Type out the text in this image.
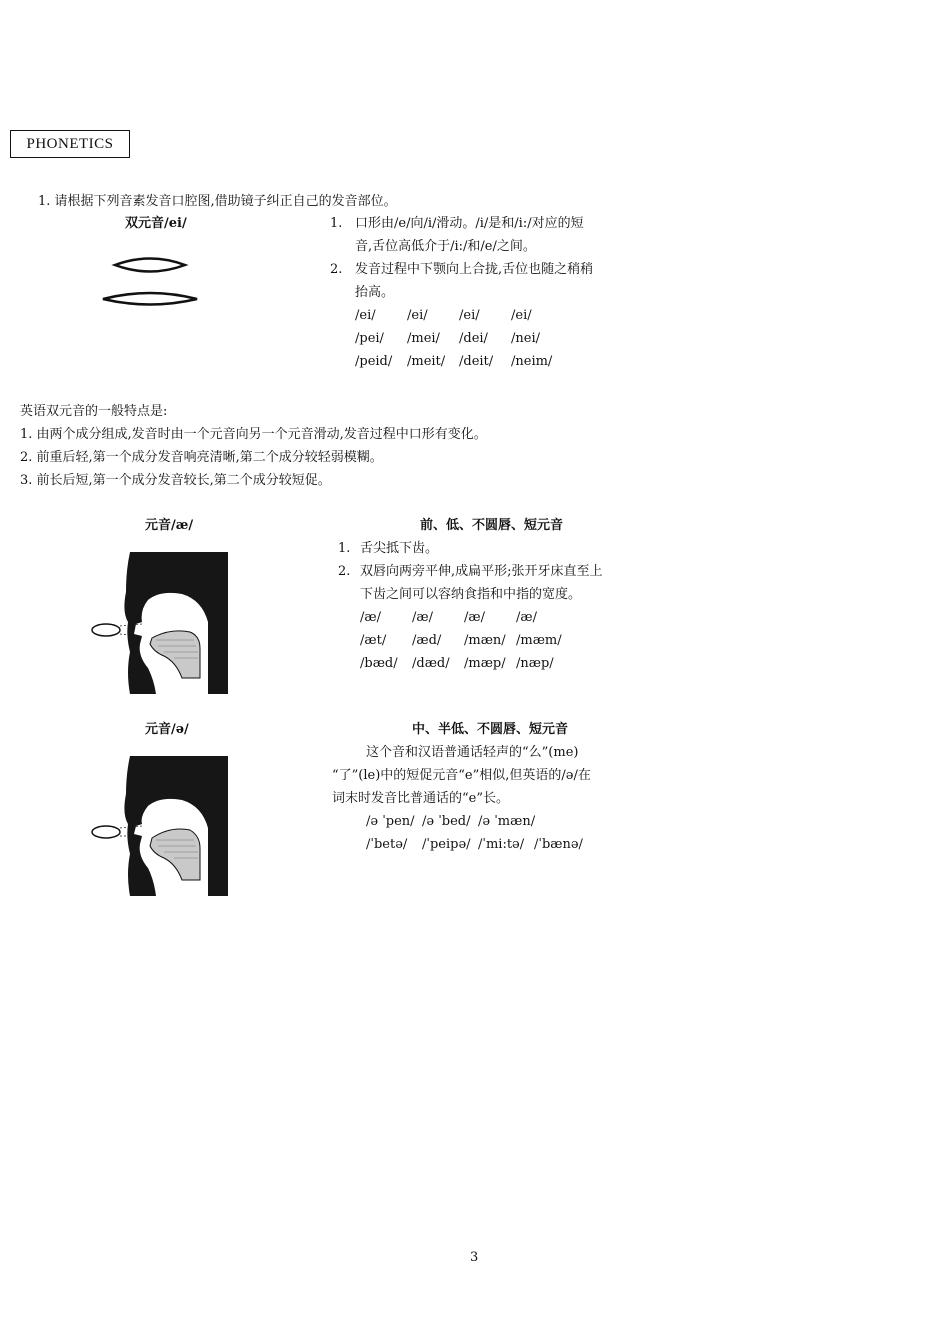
PHONETICS
1. 请根据下列音素发音口腔图,借助镜子纠正自己的发音部位。
双元音/ei/	1. 口形由/e/向/i/滑动。/i/是和/i:/对应的短
音,舌位高低介于/i:/和/e/之间。
2. 发音过程中下颚向上合拢,舌位也随之稍稍
抬高。
/ei/ /ei/ /ei/ /ei/
/pei/ /mei/ /dei/ /nei/
/peid/ /meit/ /deit/ /neim/
英语双元音的一般特点是:
1. 由两个成分组成,发音时由一个元音向另一个元音滑动,发音过程中口形有变化。
2. 前重后轻,第一个成分发音响亮清晰,第二个成分较轻弱模糊。
3. 前长后短,第一个成分发音较长,第二个成分较短促。
元音/æ/	前、低、不圆唇、短元音
1. 舌尖抵下齿。
2. 双唇向两旁平伸,成扁平形;张开牙床直至上
下齿之间可以容纳食指和中指的宽度。
/æ/ /æ/ /æ/ /æ/
/æt/ /æd/ /mæn/ /mæm/
/bæd/ /dæd/ /mæp/ /næp/
元音/ə/	中、半低、不圆唇、短元音
这个音和汉语普通话轻声的“么”(me)
“了”(le)中的短促元音“e”相似,但英语的/ə/在
词末时发音比普通话的“e”长。
/ə ˈpen/ /ə ˈbed/ /ə ˈmæn/
/ˈbetə/ /ˈpeipə/ /ˈmi:tə/ /ˈbænə/
3
